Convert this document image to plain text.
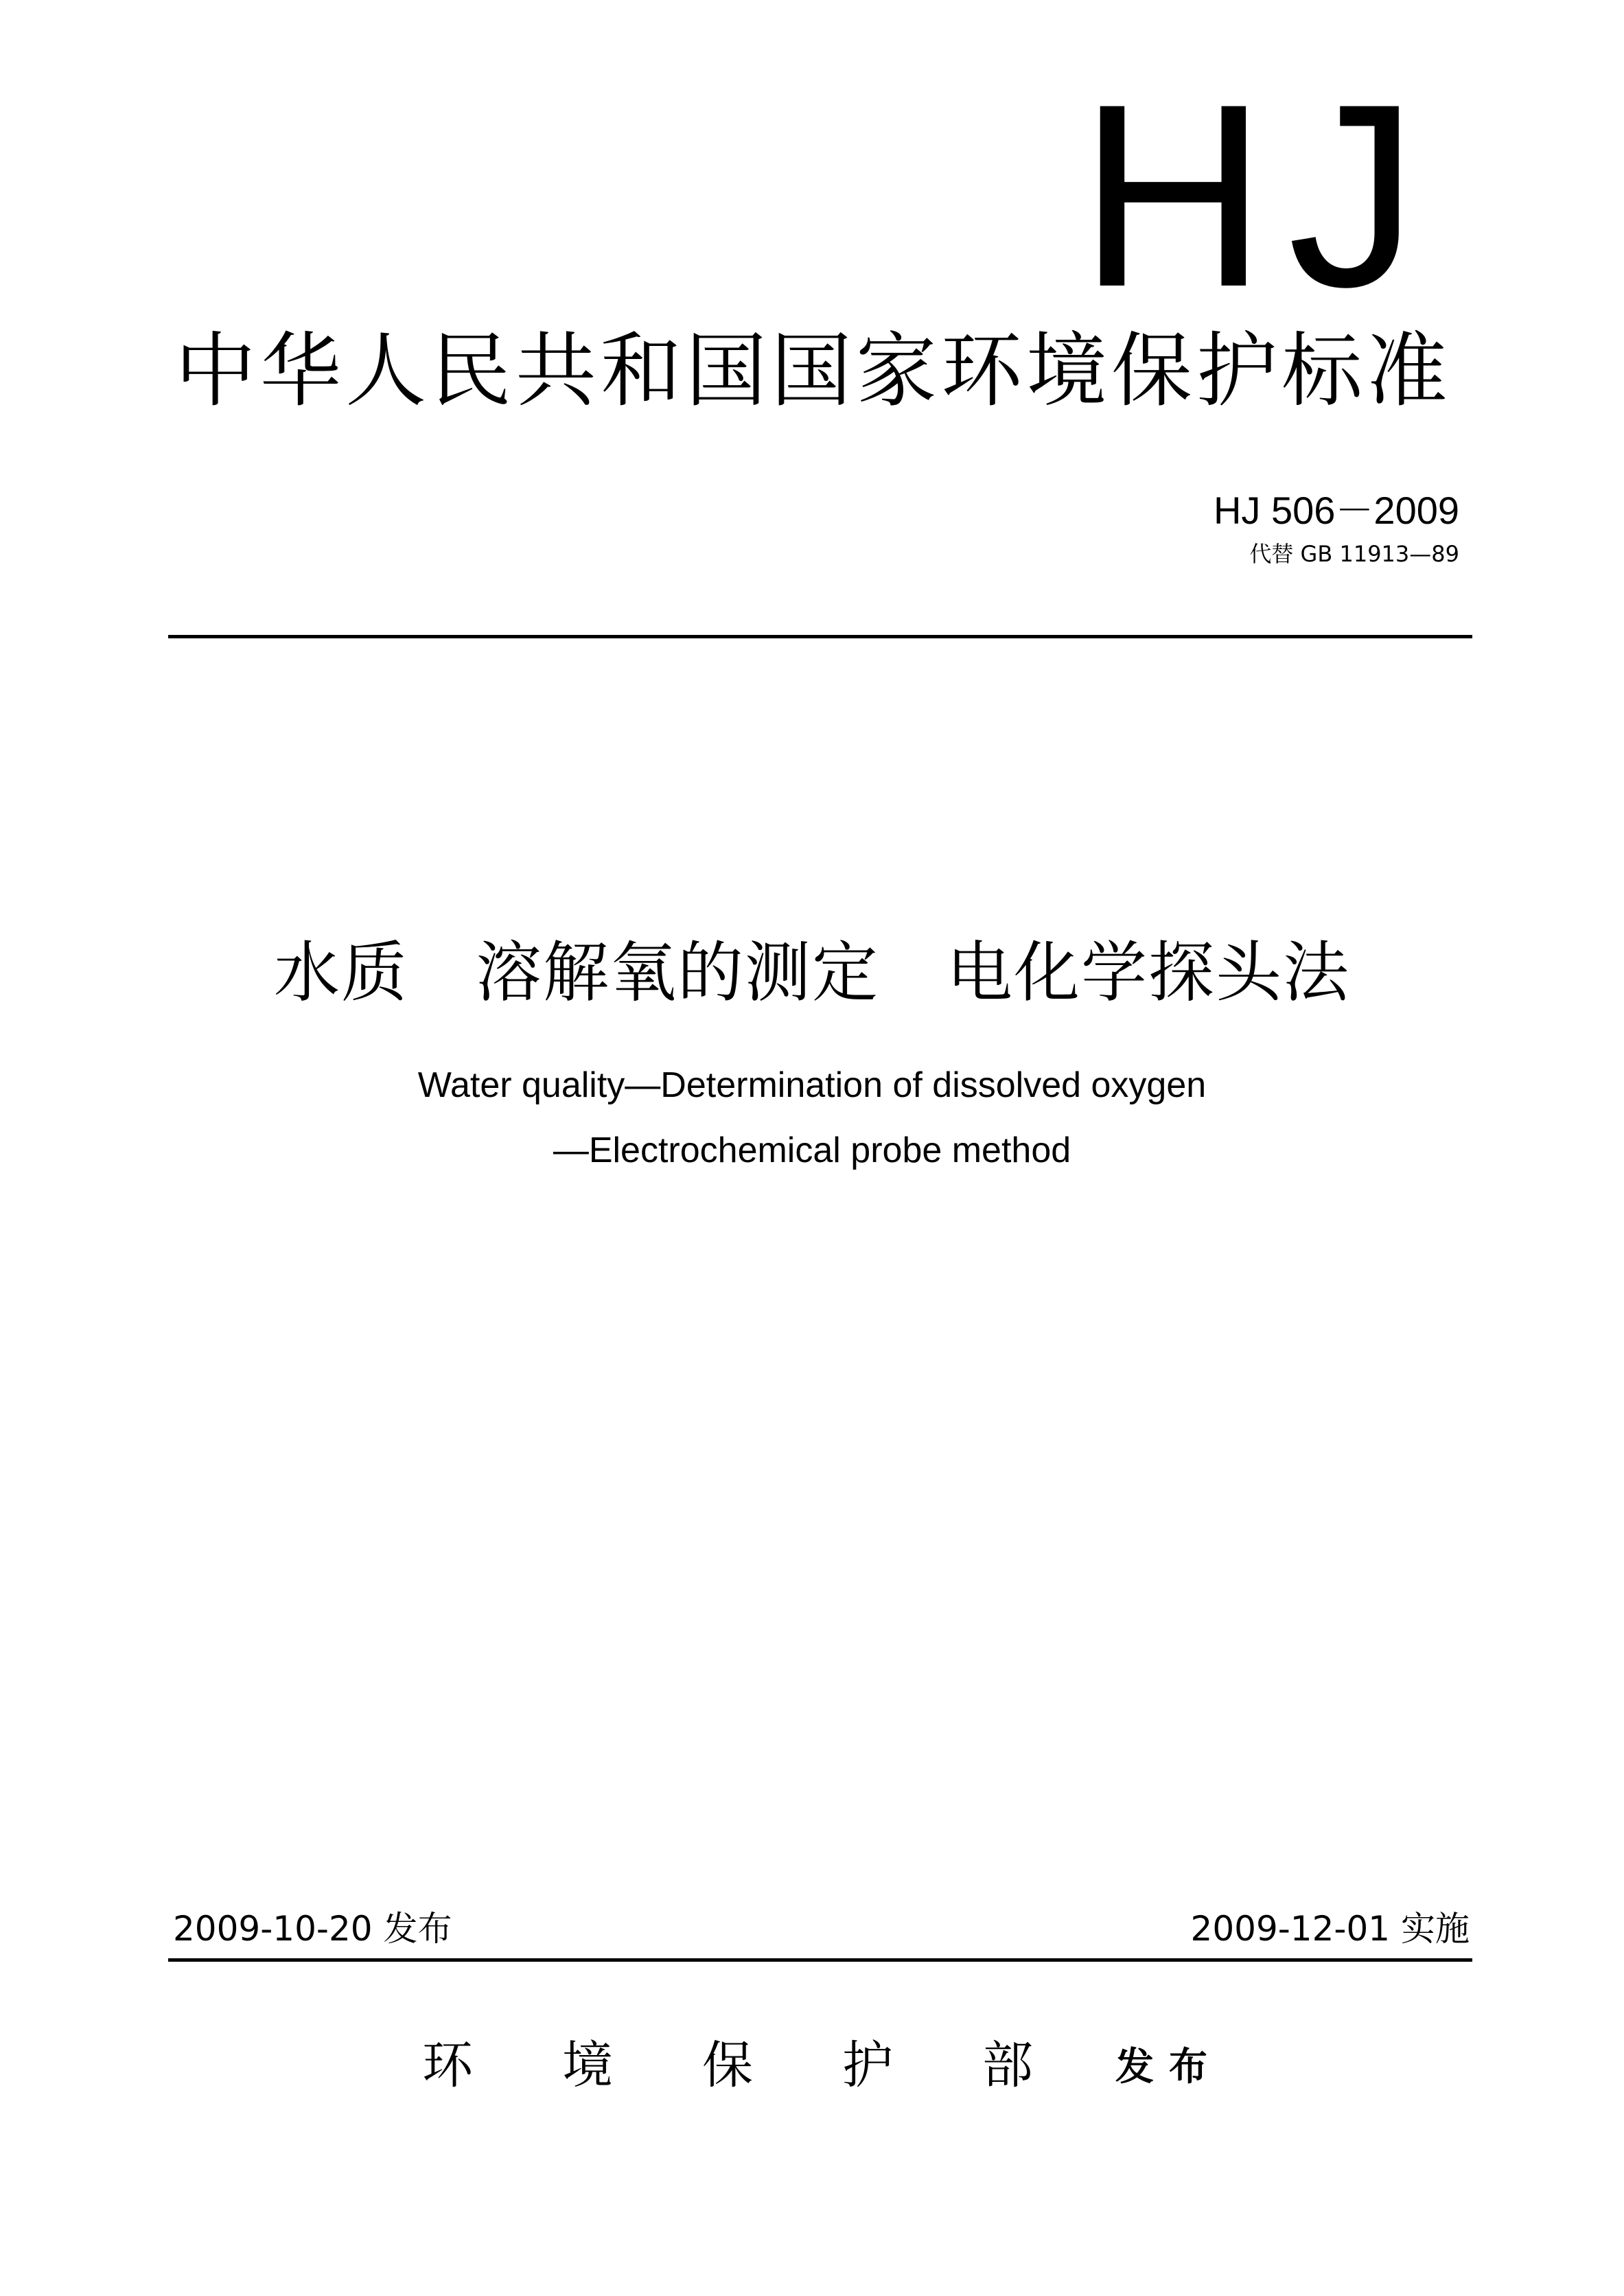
HJ
中华人民共和国国家环境保护标准
HJ 506－2009
代替 GB 11913—89
水质　溶解氧的测定　电化学探头法
Water quality—Determination of dissolved oxygen
—Electrochemical probe method
2009-10-20 发布	2009-12-01 实施
环境保护部
发布
